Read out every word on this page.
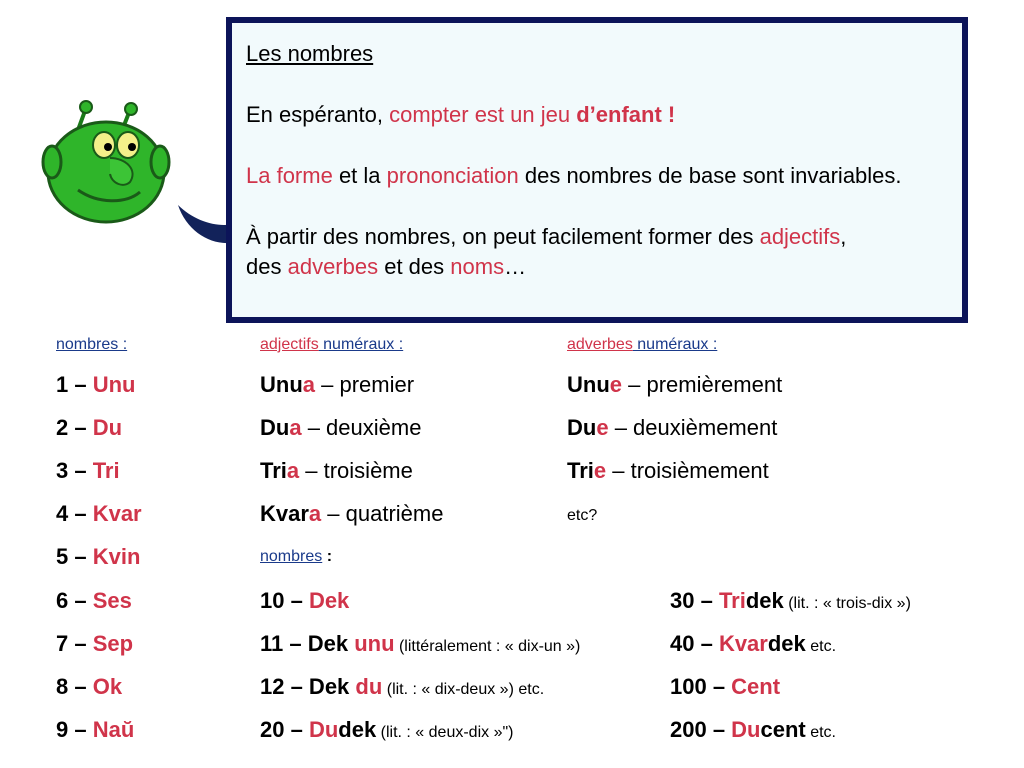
Les nombres

En espéranto, compter est un jeu d’enfant !

La forme et la prononciation des nombres de base sont invariables.

À partir des nombres, on peut facilement former des adjectifs,
des adverbes et des noms…

nombres :	adjectifs numéraux :	adverbes numéraux :
1 – Unu
2 – Du
3 – Tri
4 – Kvar
5 – Kvin
6 – Ses
7 – Sep
8 – Ok
9 – Naŭ
Unua – premier
Dua – deuxième
Tria – troisième
Kvara – quatrième
Unue – premièrement
Due – deuxièmement
Trie – troisièmement
etc?
nombres :
10 – Dek
11 – Dek unu (littéralement : « dix-un »)
12 – Dek du (lit. : « dix-deux ») etc.
20 – Dudek (lit. : « deux-dix »")
30 – Tridek (lit. : « trois-dix »)
40 – Kvardek etc.
100 – Cent
200 – Ducent etc.
